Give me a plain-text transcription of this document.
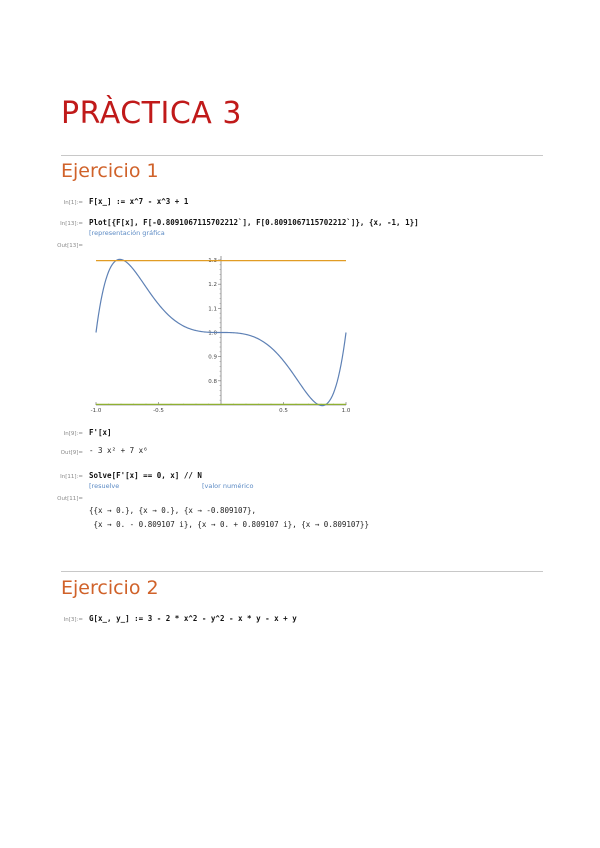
PRÀCTICA 3
Ejercicio 1
In[1]:= F[x_] := x^7 - x^3 + 1
In[13]:= Plot[{F[x], F[-0.8091067115702212`], F[0.8091067115702212`]}, {x, -1, 1}]
[representación gráfica
Out[13]=
-1.0	-0.5	0.5	1.0
0.8
0.9
1.0
1.1
1.2
1.3
In[9]:= F'[x]
Out[9]= - 3 x² + 7 x⁶
In[11]:= Solve[F'[x] == 0, x] // N
[resuelve	[valor numérico
Out[11]=
{{x → 0.}, {x → 0.}, {x → -0.809107},
{x → 0. - 0.809107 i}, {x → 0. + 0.809107 i}, {x → 0.809107}}
Ejercicio 2
In[3]:= G[x_, y_] := 3 - 2 * x^2 - y^2 - x * y - x + y
